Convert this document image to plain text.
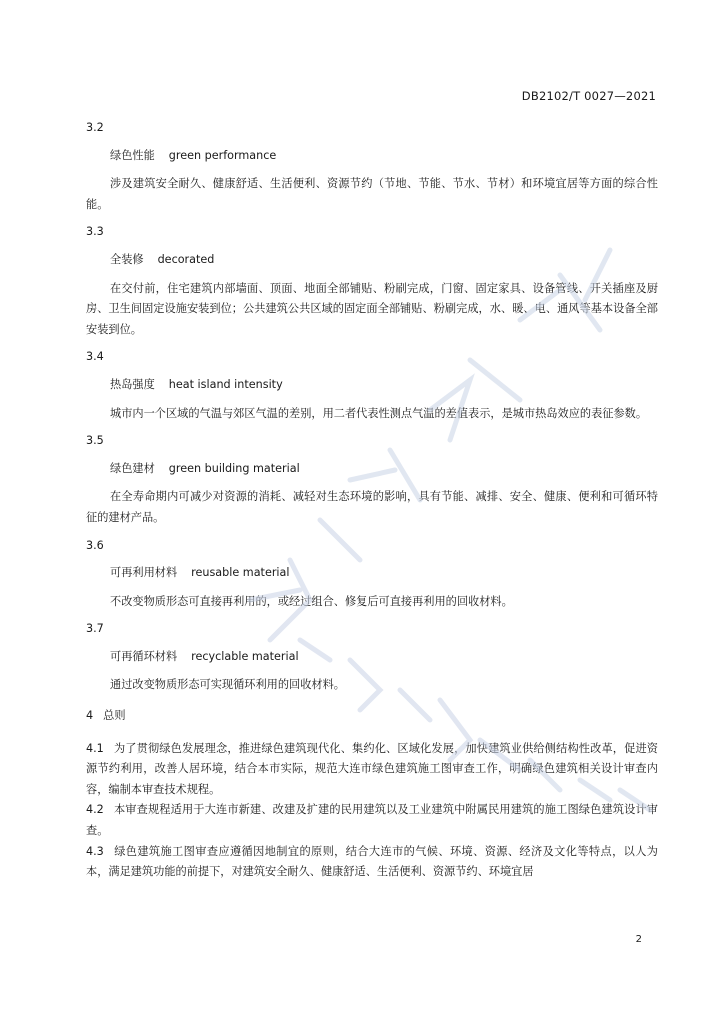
DB2102/T 0027—2021

3.2

绿色性能 green performance

涉及建筑安全耐久、健康舒适、生活便利、资源节约（节地、节能、节水、节材）和环境宜居等方面的综合性能。

3.3

全装修 decorated

在交付前，住宅建筑内部墙面、顶面、地面全部铺贴、粉刷完成，门窗、固定家具、设备管线、开关插座及厨房、卫生间固定设施安装到位；公共建筑公共区域的固定面全部铺贴、粉刷完成，水、暖、电、通风等基本设备全部安装到位。

3.4

热岛强度 heat island intensity

城市内一个区域的气温与郊区气温的差别，用二者代表性测点气温的差值表示，是城市热岛效应的表征参数。

3.5

绿色建材 green building material

在全寿命期内可减少对资源的消耗、减轻对生态环境的影响，具有节能、减排、安全、健康、便利和可循环特征的建材产品。

3.6

可再利用材料 reusable material

不改变物质形态可直接再利用的，或经过组合、修复后可直接再利用的回收材料。

3.7

可再循环材料 recyclable material

通过改变物质形态可实现循环利用的回收材料。

4 总则

4.1 为了贯彻绿色发展理念，推进绿色建筑现代化、集约化、区域化发展，加快建筑业供给侧结构性改革，促进资源节约利用，改善人居环境，结合本市实际，规范大连市绿色建筑施工图审查工作，明确绿色建筑相关设计审查内容，编制本审查技术规程。

4.2 本审查规程适用于大连市新建、改建及扩建的民用建筑以及工业建筑中附属民用建筑的施工图绿色建筑设计审查。

4.3 绿色建筑施工图审查应遵循因地制宜的原则，结合大连市的气候、环境、资源、经济及文化等特点，以人为本，满足建筑功能的前提下，对建筑安全耐久、健康舒适、生活便利、资源节约、环境宜居

2
